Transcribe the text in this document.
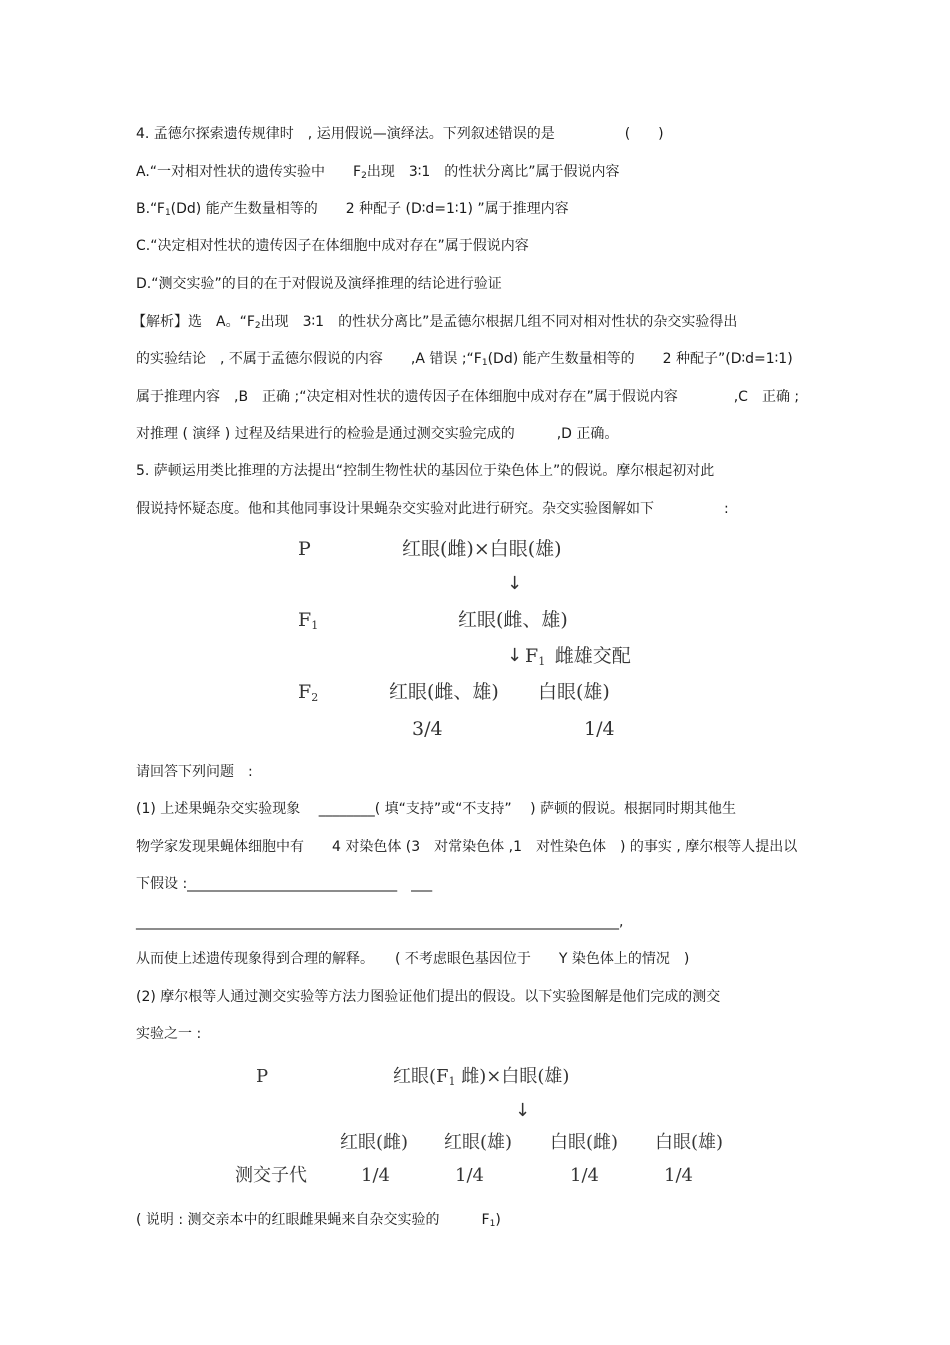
4. 孟德尔探索遗传规律时　, 运用假说—演绎法。下列叙述错误的是　　　　　(　　)
A.“一对相对性状的遗传实验中　　$F_2$出现　3∶1　的性状分离比”属于假说内容
$B.“F_1(Dd)$ 能产生数量相等的　　2 种配子 (D∶d=1∶1) ”属于推理内容
C.“决定相对性状的遗传因子在体细胞中成对存在”属于假说内容
D.“测交实验”的目的在于对假说及演绎推理的结论进行验证
【解析】选　A。“$F_2$出现　3∶1　的性状分离比”是孟德尔根据几组不同对相对性状的杂交实验得出
的实验结论　, 不属于孟德尔假说的内容　　,A 错误 $;“F_1(Dd)$ 能产生数量相等的　　2 种配子”(D∶d=1∶1)
属于推理内容　,B　正确 ;“决定相对性状的遗传因子在体细胞中成对存在”属于假说内容　　　　,C　正确 ;
对推理 ( 演绎 ) 过程及结果进行的检验是通过测交实验完成的　　　,D 正确。
5. 萨顿运用类比推理的方法提出“控制生物性状的基因位于染色体上”的假说。摩尔根起初对此
假说持怀疑态度。他和其他同事设计果蝇杂交实验对此进行研究。杂交实验图解如下　　　　　:
P	红眼(雌)×白眼(雄)
↓
F1	红眼(雌、雄)
↓ F1  雌雄交配
F2	红眼(雌、雄) 白眼(雄)
3/4	1/4
请回答下列问题　:
(1) 上述果蝇杂交实验现象　 ________( 填“支持”或“不支持”　 ) 萨顿的假说。根据同时期其他生
物学家发现果蝇体细胞中有　　4 对染色体 (3　对常染色体 ,1　对性染色体　) 的事实 , 摩尔根等人提出以
下假设 :______________________________　___
_____________________________________________________________________,
从而使上述遗传现象得到合理的解释。　　( 不考虑眼色基因位于　　Y 染色体上的情况　)
(2) 摩尔根等人通过测交实验等方法力图验证他们提出的假设。以下实验图解是他们完成的测交
实验之一 :
P	红眼(F1 雌)×白眼(雄)
↓
红眼(雌) 红眼(雄) 白眼(雌) 白眼(雄)
测交子代	1/4	1/4	1/4	1/4
( 说明 : 测交亲本中的红眼雌果蝇来自杂交实验的　　　$F_1$)
